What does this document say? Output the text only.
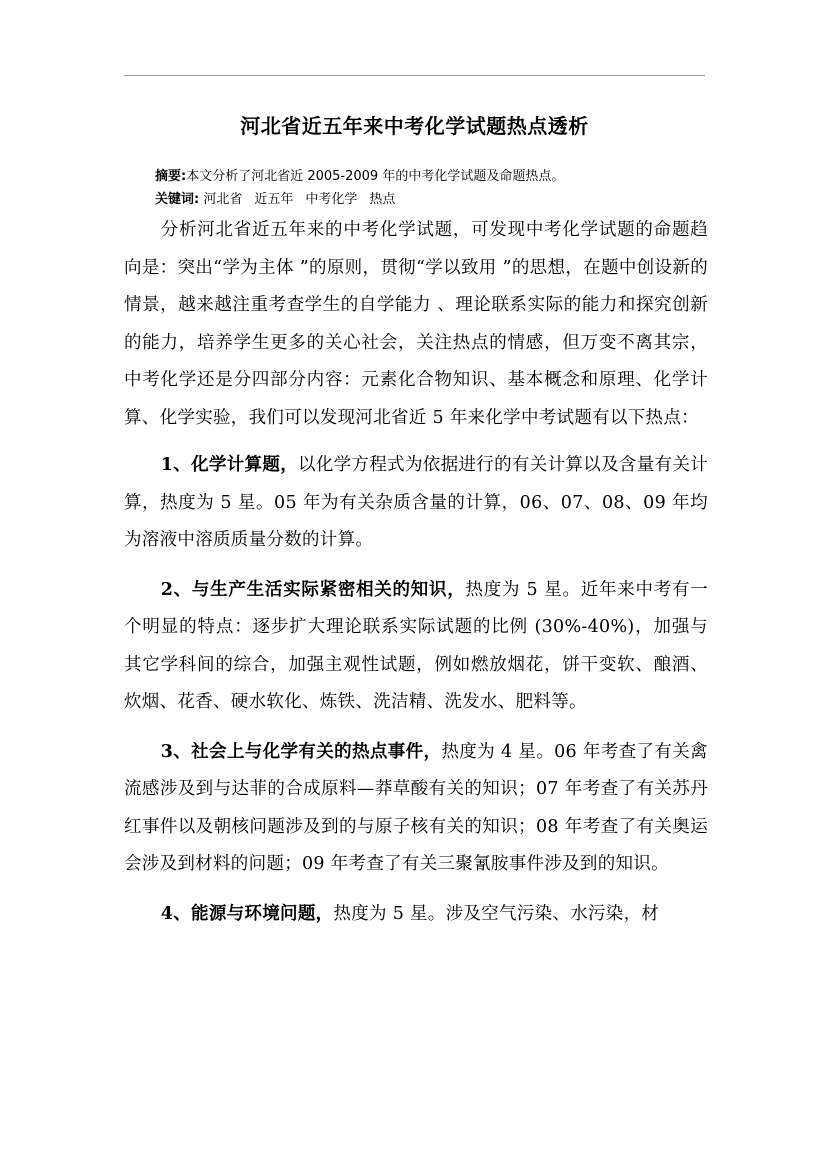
河北省近五年来中考化学试题热点透析
摘要:本文分析了河北省近 2005-2009 年的中考化学试题及命题热点。
关键词: 河北省 近五年 中考化学 热点

分析河北省近五年来的中考化学试题，可发现中考化学试题的命题趋向是：突出“学为主体 ”的原则，贯彻“学以致用 ”的思想，在题中创设新的情景，越来越注重考查学生的自学能力 、理论联系实际的能力和探究创新的能力，培养学生更多的关心社会，关注热点的情感，但万变不离其宗，中考化学还是分四部分内容：元素化合物知识、基本概念和原理、化学计算、化学实验，我们可以发现河北省近 5 年来化学中考试题有以下热点：

1、化学计算题，以化学方程式为依据进行的有关计算以及含量有关计算，热度为 5 星。05 年为有关杂质含量的计算，06、07、08、09 年均为溶液中溶质质量分数的计算。

2、与生产生活实际紧密相关的知识，热度为 5 星。近年来中考有一个明显的特点：逐步扩大理论联系实际试题的比例 (30%-40%)，加强与其它学科间的综合，加强主观性试题，例如燃放烟花，饼干变软、酿酒、炊烟、花香、硬水软化、炼铁、洗洁精、洗发水、肥料等。

3、社会上与化学有关的热点事件，热度为 4 星。06 年考查了有关禽流感涉及到与达菲的合成原料—莽草酸有关的知识；07 年考查了有关苏丹红事件以及朝核问题涉及到的与原子核有关的知识；08 年考查了有关奥运会涉及到材料的问题；09 年考查了有关三聚氰胺事件涉及到的知识。

4、能源与环境问题，热度为 5 星。涉及空气污染、水污染，材
